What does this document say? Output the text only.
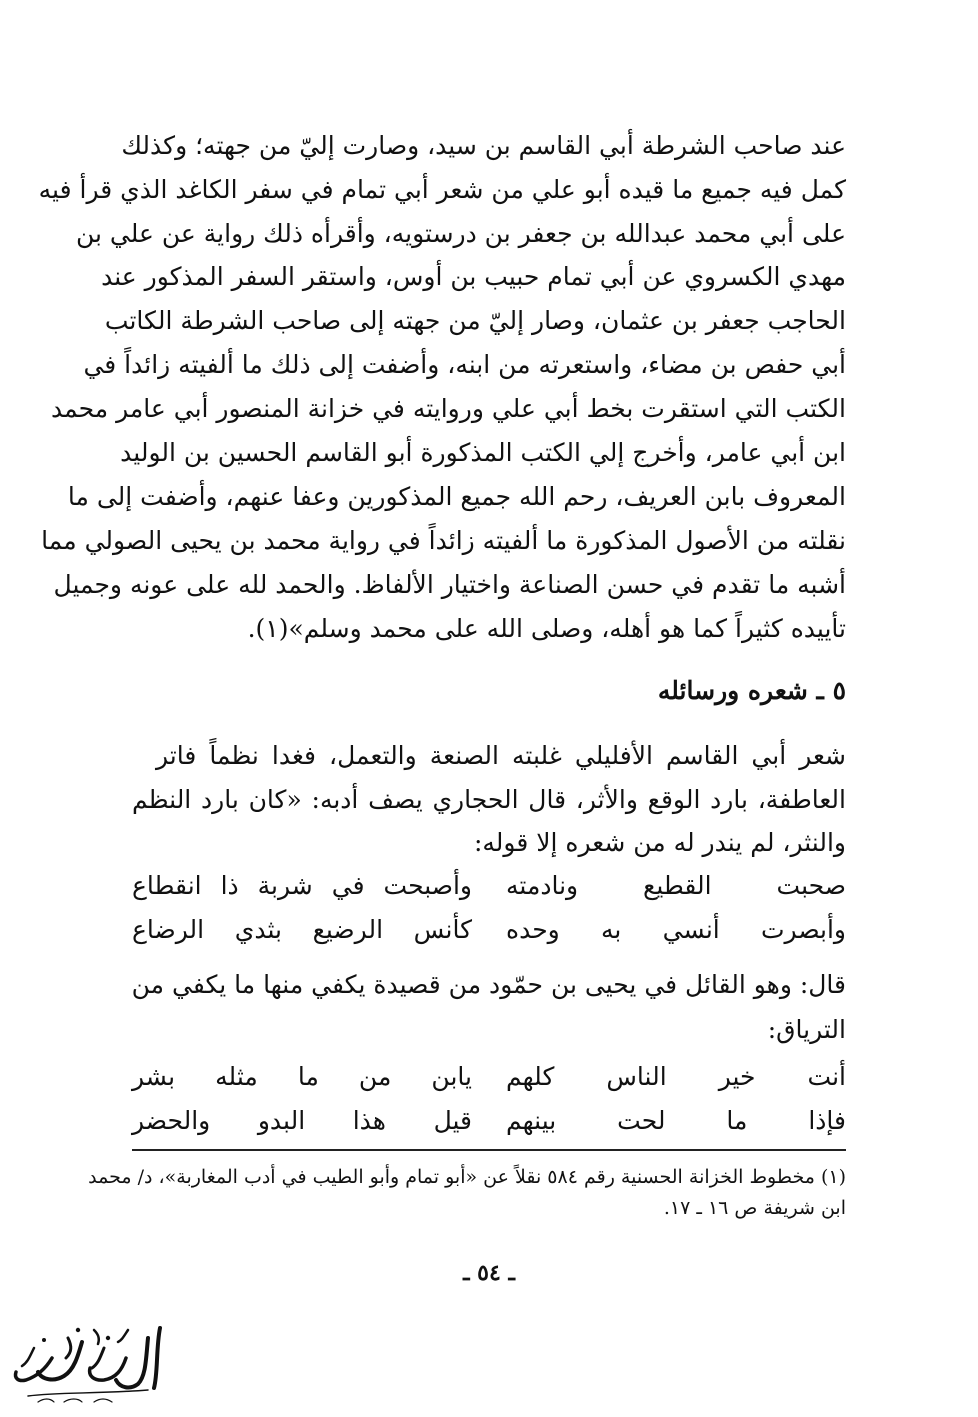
عند صاحب الشرطة أبي القاسم بن سيد، وصارت إليّ من جهته؛ وكذلك
كمل فيه جميع ما قيده أبو علي من شعر أبي تمام في سفر الكاغد الذي قرأ فيه
على أبي محمد عبدالله بن جعفر بن درستويه، وأقرأه ذلك رواية عن علي بن
مهدي الكسروي عن أبي تمام حبيب بن أوس، واستقر السفر المذكور عند
الحاجب جعفر بن عثمان، وصار إليّ من جهته إلى صاحب الشرطة الكاتب
أبي حفص بن مضاء، واستعرته من ابنه، وأضفت إلى ذلك ما ألفيته زائداً في
الكتب التي استقرت بخط أبي علي وروايته في خزانة المنصور أبي عامر محمد
ابن أبي عامر، وأخرج إلي الكتب المذكورة أبو القاسم الحسين بن الوليد
المعروف بابن العريف، رحم الله جميع المذكورين وعفا عنهم، وأضفت إلى ما
نقلته من الأصول المذكورة ما ألفيته زائداً في رواية محمد بن يحيى الصولي مما
أشبه ما تقدم في حسن الصناعة واختيار الألفاظ. والحمد لله على عونه وجميل
تأييده كثيراً كما هو أهله، وصلى الله على محمد وسلم»(١).
٥ ـ شعره ورسائله
شعر أبي القاسم الأفليلي غلبته الصنعة والتعمل، فغدا نظماً فاتر
العاطفة، بارد الوقع والأثر، قال الحجاري يصف أدبه: «كان بارد النظم
والنثر، لم يندر له من شعره إلا قوله:
صحبت القطيع ونادمته
وأصبحت في شربة ذا انقطاع
وأبصرت أنسي به وحده
كأنس الرضيع بثدي الرضاع
قال: وهو القائل في يحيى بن حمّود من قصيدة يكفي منها ما يكفي من
الترياق:
أنت خير الناس كلهم
يابن من ما مثله بشر
فإذا ما لحت بينهم
قيل هذا البدو والحضر
(١) مخطوط الخزانة الحسنية رقم ٥٨٤ نقلاً عن «أبو تمام وأبو الطيب في أدب المغاربة»، د/ محمد
ابن شريفة ص ١٦ ـ ١٧.
ـ ٥٤ ـ
